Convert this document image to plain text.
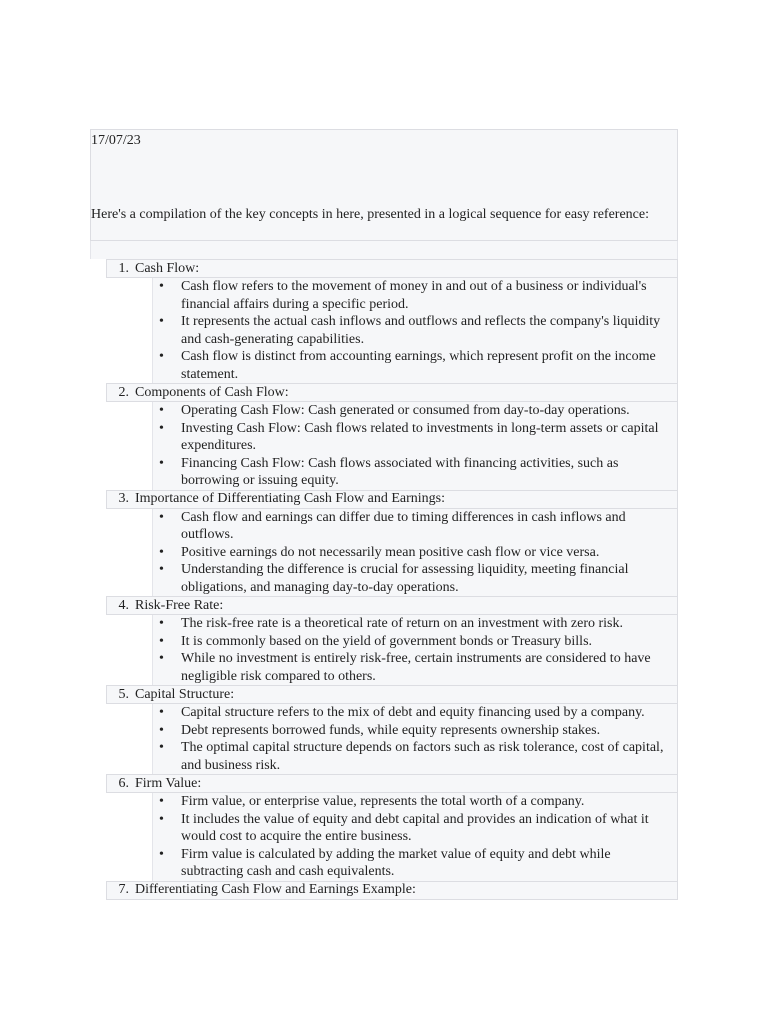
17/07/23
Here's a compilation of the key concepts in here, presented in a logical sequence for easy reference:
1. Cash Flow:
• Cash flow refers to the movement of money in and out of a business or individual's financial affairs during a specific period.
• It represents the actual cash inflows and outflows and reflects the company's liquidity and cash-generating capabilities.
• Cash flow is distinct from accounting earnings, which represent profit on the income statement.
2. Components of Cash Flow:
• Operating Cash Flow: Cash generated or consumed from day-to-day operations.
• Investing Cash Flow: Cash flows related to investments in long-term assets or capital expenditures.
• Financing Cash Flow: Cash flows associated with financing activities, such as borrowing or issuing equity.
3. Importance of Differentiating Cash Flow and Earnings:
• Cash flow and earnings can differ due to timing differences in cash inflows and outflows.
• Positive earnings do not necessarily mean positive cash flow or vice versa.
• Understanding the difference is crucial for assessing liquidity, meeting financial obligations, and managing day-to-day operations.
4. Risk-Free Rate:
• The risk-free rate is a theoretical rate of return on an investment with zero risk.
• It is commonly based on the yield of government bonds or Treasury bills.
• While no investment is entirely risk-free, certain instruments are considered to have negligible risk compared to others.
5. Capital Structure:
• Capital structure refers to the mix of debt and equity financing used by a company.
• Debt represents borrowed funds, while equity represents ownership stakes.
• The optimal capital structure depends on factors such as risk tolerance, cost of capital, and business risk.
6. Firm Value:
• Firm value, or enterprise value, represents the total worth of a company.
• It includes the value of equity and debt capital and provides an indication of what it would cost to acquire the entire business.
• Firm value is calculated by adding the market value of equity and debt while subtracting cash and cash equivalents.
7. Differentiating Cash Flow and Earnings Example:
